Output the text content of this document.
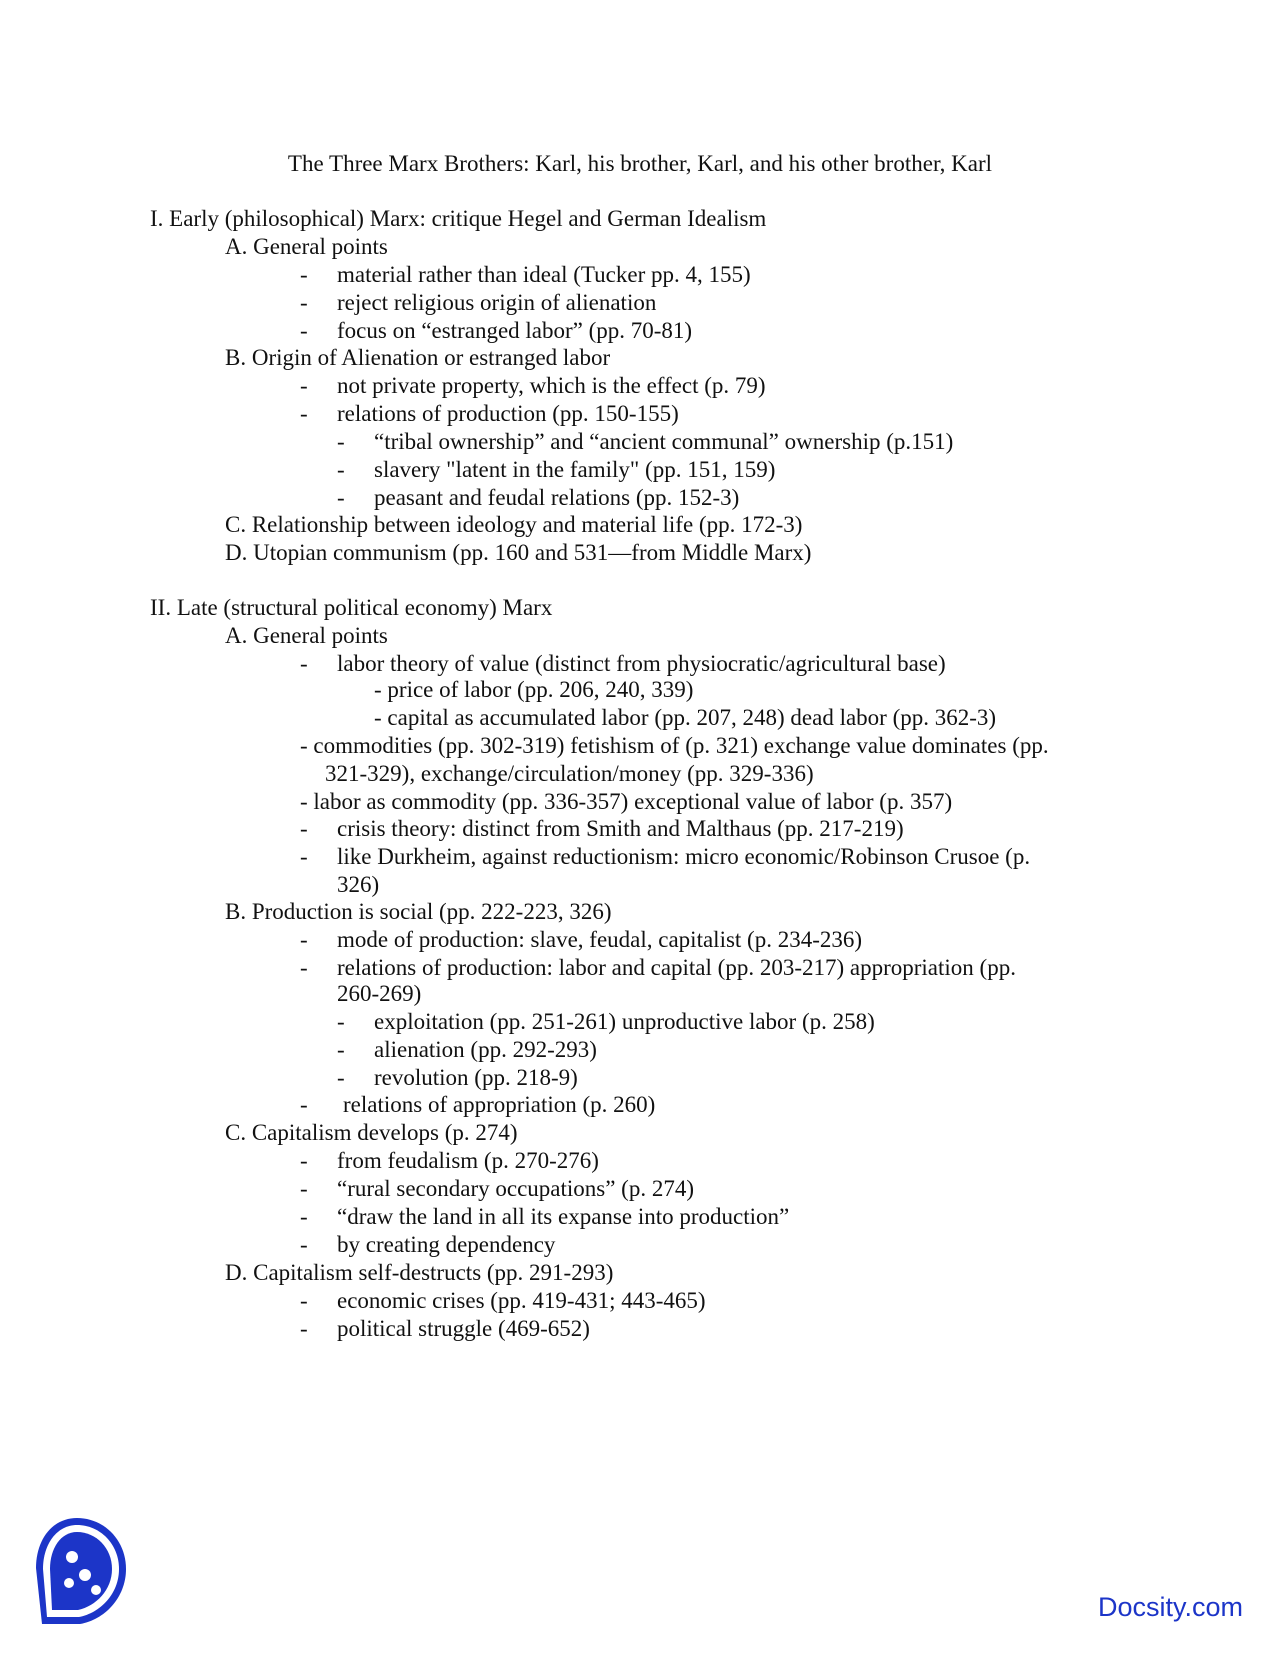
The Three Marx Brothers: Karl, his brother, Karl, and his other brother, Karl
I. Early (philosophical) Marx: critique Hegel and German Idealism
A. General points
- material rather than ideal (Tucker pp. 4, 155)
- reject religious origin of alienation
- focus on “estranged labor” (pp. 70-81)
B. Origin of Alienation or estranged labor
- not private property, which is the effect (p. 79)
- relations of production (pp. 150-155)
- “tribal ownership” and “ancient communal” ownership (p.151)
- slavery "latent in the family" (pp. 151, 159)
- peasant and feudal relations (pp. 152-3)
C. Relationship between ideology and material life (pp. 172-3)
D. Utopian communism (pp. 160 and 531—from Middle Marx)
II. Late (structural political economy) Marx
A. General points
- labor theory of value (distinct from physiocratic/agricultural base)
- price of labor (pp. 206, 240, 339)
- capital as accumulated labor (pp. 207, 248) dead labor (pp. 362-3)
- commodities (pp. 302-319) fetishism of (p. 321) exchange value dominates (pp.
321-329), exchange/circulation/money (pp. 329-336)
- labor as commodity (pp. 336-357) exceptional value of labor (p. 357)
- crisis theory: distinct from Smith and Malthaus (pp. 217-219)
- like Durkheim, against reductionism: micro economic/Robinson Crusoe (p.
326)
B. Production is social (pp. 222-223, 326)
- mode of production: slave, feudal, capitalist (p. 234-236)
- relations of production: labor and capital (pp. 203-217) appropriation (pp.
260-269)
- exploitation (pp. 251-261) unproductive labor (p. 258)
- alienation (pp. 292-293)
- revolution (pp. 218-9)
- relations of appropriation (p. 260)
C. Capitalism develops (p. 274)
- from feudalism (p. 270-276)
- “rural secondary occupations” (p. 274)
- “draw the land in all its expanse into production”
- by creating dependency
D. Capitalism self-destructs (pp. 291-293)
- economic crises (pp. 419-431; 443-465)
- political struggle (469-652)
Docsity.com
